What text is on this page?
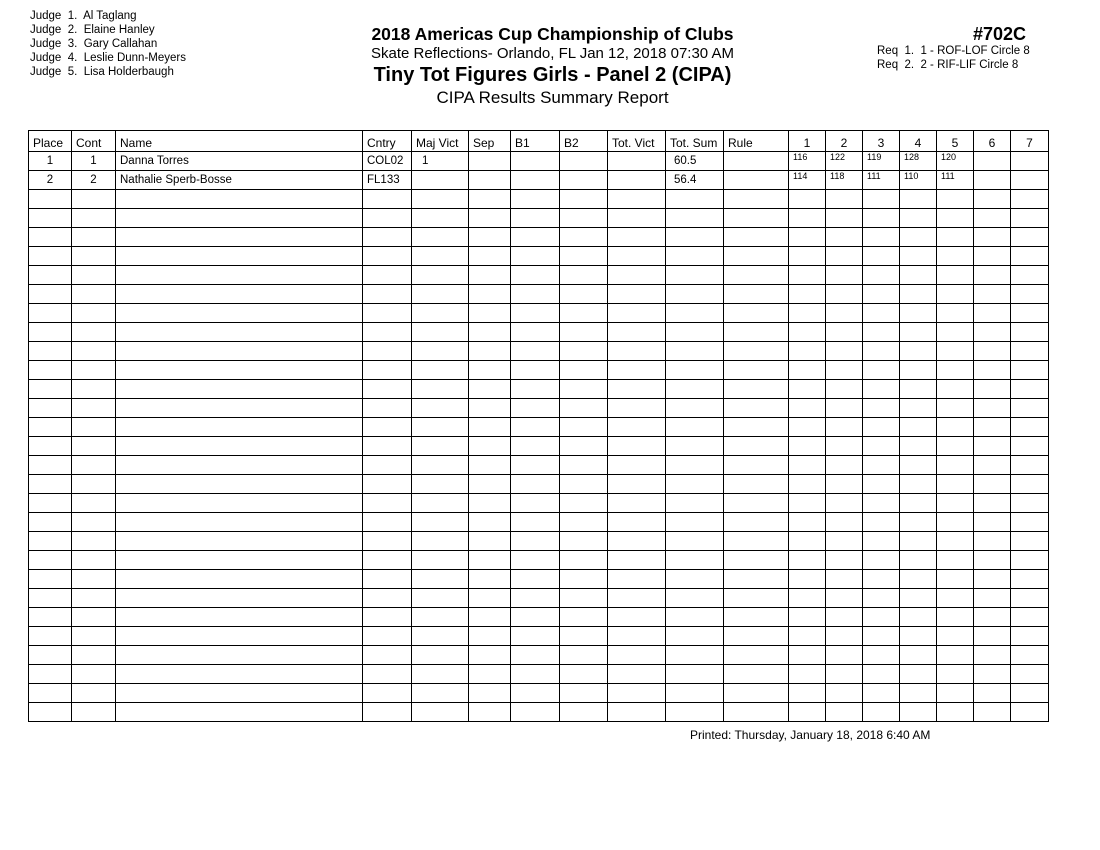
Judge  1.  Al Taglang
Judge  2.  Elaine Hanley
Judge  3.  Gary Callahan
Judge  4.  Leslie Dunn-Meyers
Judge  5.  Lisa Holderbaugh
2018 Americas Cup Championship of Clubs
Skate Reflections- Orlando, FL Jan 12, 2018 07:30 AM
Tiny Tot Figures Girls - Panel 2 (CIPA)
CIPA Results Summary Report
#702C
Req  1.  1 - ROF-LOF Circle 8
Req  2.  2 - RIF-LIF Circle 8
Place	Cont	Name	Cntry	Maj Vict	Sep	B1	B2	Tot. Vict	Tot. Sum	Rule	1	2	3	4	5	6	7
1	1	Danna Torres	COL02	1					60.5		116	122	119	128	120		
2	2	Nathalie Sperb-Bosse	FL133						56.4		114	118	111	110	111		

Printed: Thursday, January 18, 2018 6:40 AM
